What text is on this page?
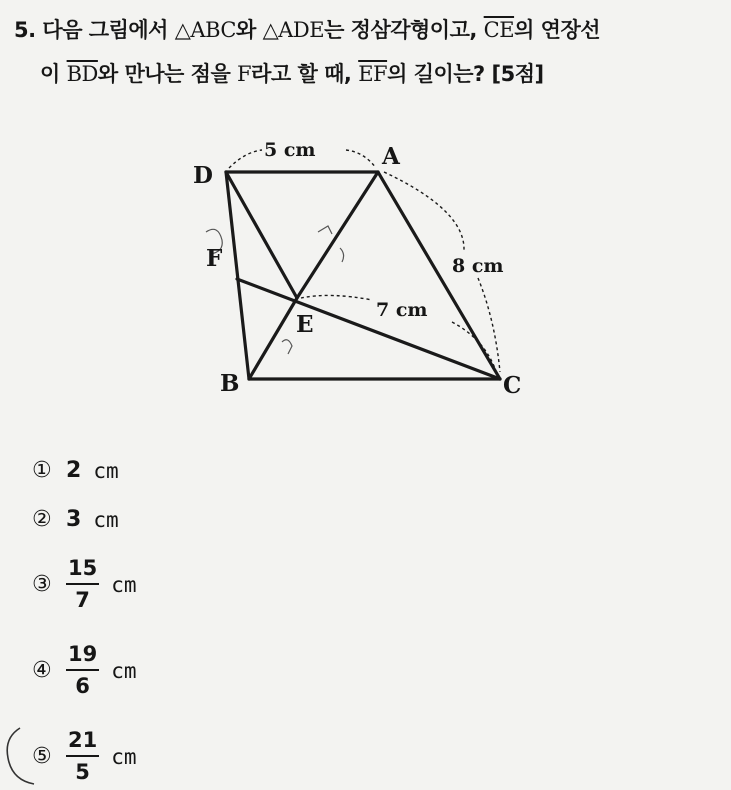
5. 다음 그림에서 △ABC와 △ADE는 정삼각형이고, $\overline{CE}$의 연장선
이 $\overline{BD}$와 만나는 점을 F라고 할 때, $\overline{EF}$의 길이는? [5점]
D
A
F
E
B	C
5 cm
8 cm
7 cm
① 2 cm
② 3 cm
③ $\frac{15}{7}$ cm
④ $\frac{19}{6}$ cm
⑤ $\frac{21}{5}$ cm
